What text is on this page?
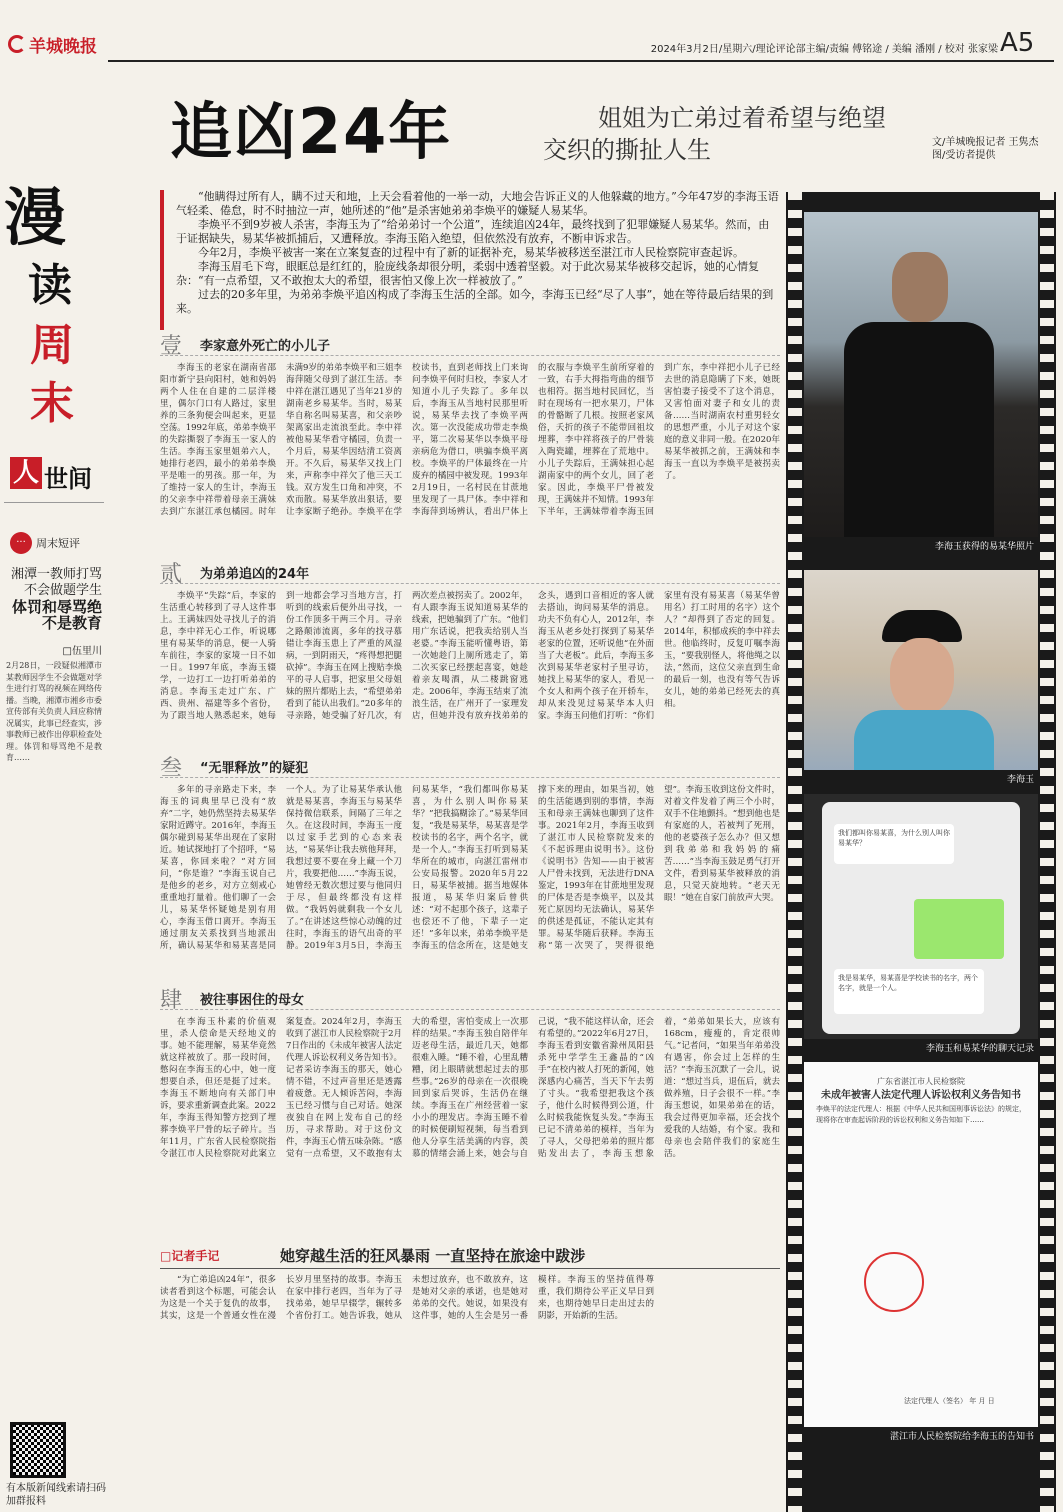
羊城晚报	2024年3月2日/星期六/理论评论部主编/责编 傅铭途 / 美编 潘刚 / 校对 张家梁 A5
漫
读
周
末
人 世间
··· 周末短评
湘潭一教师打骂不会做题学生
体罚和辱骂绝不是教育
□伍里川
2月28日，一段疑似湘潭市某教师因学生不会做题对学生进行打骂的视频在网络传播。当晚，湘潭市湘乡市委宣传部有关负责人回应称情况属实，此事已经查实，涉事教师已被作出停职检查处理。体罚和辱骂绝不是教育……
有本版新闻线索请扫码加群报料
追凶24年	姐姐为亡弟过着希望与绝望
交织的撕扯人生	文/羊城晚报记者 王隽杰
图/受访者提供

“他瞒得过所有人，瞒不过天和地，上天会看着他的一举一动，大地会告诉正义的人他躲藏的地方。”今年47岁的李海玉语气轻柔、倦怠，时不时抽泣一声，她所述的“他”是杀害她弟弟李焕平的嫌疑人易某华。

李焕平不到9岁被人杀害，李海玉为了“给弟弟讨一个公道”，连续追凶24年，最终找到了犯罪嫌疑人易某华。然而，由于证据缺失，易某华被抓捕后，又遭释放。李海玉陷入绝望，但依然没有放弃，不断申诉求告。

今年2月，李焕平被害一案在立案复查的过程中有了新的证据补充，易某华被移送至湛江市人民检察院审查起诉。

李海玉眉毛下弯，眼眶总是红红的，脸庞线条却很分明，柔弱中透着坚毅。对于此次易某华被移交起诉，她的心情复杂：“有一点希望，又不敢抱太大的希望，很害怕又像上次一样被放了。”

过去的20多年里，为弟弟李焕平追凶构成了李海玉生活的全部。如今，李海玉已经“尽了人事”，她在等待最后结果的到来。

壹	李家意外死亡的小儿子

李海玉的老家在湖南省邵阳市新宁县向阳村，她和妈妈两个人住在自建的二层洋楼里，偶尔门口有人路过，家里养的三条狗便会叫起来，更显空荡。1992年底，弟弟李焕平的失踪撕裂了李海玉一家人的生活。李海玉家里姐弟六人，她排行老四，最小的弟弟李焕平是唯一的男孩。那一年，为了维持一家人的生计，李海玉的父亲李中祥带着母亲王满妹去到广东湛江承包橘园。时年未满9岁的弟弟李焕平和三姐李海萍随父母到了湛江生活。李中祥在湛江遇见了当年21岁的湖南老乡易某华。当时，易某华自称名叫易某喜，和父亲吵架离家出走流浪至此。李中祥被他易某华看守橘园，负责一个月后，易某华因结清工资离开。不久后，易某华又找上门来，声称李中祥欠了他三天工钱。双方发生口角和冲突，不欢而散。易某华放出狠话，要让李家断子绝孙。李焕平在学校读书，直到老师找上门来询问李焕平何时归校，李家人才知道小儿子失踪了。多年以后，李海玉从当地村民那里听说，易某华去找了李焕平两次。第一次没能成功带走李焕平，第二次易某华以李焕平母亲病危为借口，哄骗李焕平离校。李焕平的尸体最终在一片废弃的橘园中被发现。1993年2月19日，一名村民在甘蔗地里发现了一具尸体。李中祥和李海萍到场辨认，看出尸体上的衣服与李焕平生前所穿着的一致，右手大拇指弯曲的细节也相符。据当地村民回忆，当时在现场有一把水果刀，尸体的骨骼断了几根。按照老家风俗，夭折的孩子不能带回祖坟埋葬，李中祥将孩子的尸骨装入陶瓷罐，埋葬在了荒地中。小儿子失踪后，王满妹担心起湖南家中的两个女儿，回了老家。因此，李焕平尸骨被发现，王满妹并不知情。1993年下半年，王满妹带着李海玉回到广东，李中祥把小儿子已经去世的消息隐瞒了下来，她既害怕妻子接受不了这个消息，又害怕面对妻子和女儿的责备……当时湖南农村重男轻女的思想严重，小儿子对这个家庭的意义非同一般。在2020年易某华被抓之前，王满妹和李海玉一直以为李焕平是被拐卖了。

贰	为弟弟追凶的24年

李焕平“失踪”后，李家的生活重心转移到了寻人这件事上。王满妹四处寻找儿子的消息，李中祥无心工作，听说哪里有易某华的消息，便一人骑车前往，李家的家境一日不如一日。1997年底，李海玉辍学，一边打工一边打听弟弟的消息。李海玉走过广东、广西、贵州、福建等多个省份，为了跟当地人熟悉起来，她每到一地都会学习当地方言，打听到的线索后便外出寻找，一份工作顶多干两三个月。寻亲之路颠沛流离，多年的找寻慕错让李海玉患上了严重的风湿病，一到阴雨天，“疼得想把腿砍掉”。李海玉在网上搜贴李焕平的寻人启事，把家里父母姐妹的照片都贴上去，“希望弟弟看到了能认出我们。”20多年的寻亲路，她受骗了好几次，有两次差点被拐卖了。2002年，有人跟李海玉说知道易某华的线索，把她骗到了广东。“他们用广东话说，把我卖给别人当老婆。”李海玉能听懂粤语，第一次她趁门上厕所逃走了，第二次买家已经摆起喜宴，她趁着亲友喝酒，从二楼跳窗逃走。2006年，李海玉结束了流浪生活，在广州开了一家理发店，但她并没有放弃找弟弟的念头，遇到口音相近的客人就去搭讪，询问易某华的消息。功夫不负有心人，2012年，李海玉从老乡处打探到了易某华老家的位置，还听说他“在外面当了大老板”。此后，李海玉多次到易某华老家村子里寻访，她找上易某华的家人，看见一个女人和两个孩子在开轿车，却从来没见过易某华本人归家。李海玉问他们打听：“你们家里有没有易某喜（易某华曾用名）打工时用的名字）这个人？”却得到了否定的回复。2014年，积郁成疾的李中祥去世。他临终时，反复叮嘱李海玉，“要我别怪人，将他绳之以法，”然而，这位父亲直到生命的最后一刻，也没有等气告诉女儿，她的弟弟已经死去的真相。

叁	“无罪释放”的疑犯

多年的寻亲路走下来，李海玉的词典里早已没有“放弃”二字，她仍然坚持去易某华家附近蹲守。2016年，李海玉偶尔碰到易某华出现在了家附近。她试探地打了个招呼，“易某喜，你回来啦？”对方回问，“你是谁？”李海玉说自己是他乡的老乡，对方立刻戒心重重地打量着。他们聊了一会儿，易某华怀疑她是别有用心，李海玉借口离开。李海玉通过朋友关系找到当地派出所，确认易某华和易某喜是同一个人。为了让易某华承认他就是易某喜，李海玉与易某华保持微信联系，间隔了三年之久。在这段时间，李海玉一度以过家手艺到的心态来表达，“易某华让我去殡他拜拜，我想过要不要在身上藏一个刀片，我要把他……”李海玉说，她曾经无数次想过要与他同归于尽，但最终都没有这样做。“我妈妈就剩我一个女儿了。”在讲述这些惊心动魄的过往时，李海玉的语气出奇的平静。2019年3月5日，李海玉问易某华，“我们都叫你易某喜，为什么别人叫你易某华？”把我搞糊涂了。”易某华回复，“我是易某华，易某喜是学校读书的名字，两个名字，就是一个人。”李海玉打听到易某华所在的城市，向湛江雷州市公安局报警。2020年5月22日，易某华被捕。据当地媒体报道，易某华归案后曾供述：“对不起那个孩子，这辈子也偿还不了他，下辈子一定还！”多年以来，弟弟李焕平是李海玉的信念所在，这是她支撑下来的理由，如果当初，她的生活能遇到别的事情，李海玉和母亲王满妹也聊到了这件事。2021年2月，李海玉收到了湛江市人民检察院发来的《不起诉理由说明书》。这份《说明书》告知——由于被害人尸骨未找到，无法进行DNA鉴定，1993年在甘蔗地里发现的尸体是否是李焕平，以及其死亡原因均无法确认，易某华的供述是孤证，不能认定其有罪。易某华随后获释。李海玉称“第一次哭了，哭得很绝望”。李海玉收到这份文件时，对着文件发着了两三个小时，双手不住地颤抖。“想到他也是有家庭的人，若被判了死刑，他的老婆孩子怎么办？但又想到我弟弟和我妈妈的痛苦……”当李海玉鼓足勇气打开文件，看到易某华被释放的消息，只觉天旋地转。“老天无眼！”她在自家门前放声大哭。

肆	被往事困住的母女

在李海玉朴素的价值观里，杀人偿命是天经地义的事。她不能理解，易某华竟然就这样被放了。那一段时间，憋闷在李海玉的心中，她一度想要自杀，但还是挺了过来。李海玉不断地向有关部门申诉，要求重新调查此案。2022年，李海玉得知警方挖到了埋葬李焕平尸骨的坛子碎片。当年11月，广东省人民检察院指令湛江市人民检察院对此案立案复查。2024年2月，李海玉收到了湛江市人民检察院于2月7日作出的《未成年被害人法定代理人诉讼权利义务告知书》。记者采访李海玉的那天，她心情不错，不过声音里还是透露着疲惫。无人倾诉苦闷，李海玉已经习惯与自己对话。她深夜独自在网上发布自己的经历，寻求帮助。对于这份文件，李海玉心情五味杂陈。“感觉有一点希望，又不敢抱有太大的希望，害怕变成上一次那样的结果。”李海玉独自陪伴年迈老母生活，最近几天，她都很难入睡。“睡不着，心里乱糟糟，闭上眼睛就想起过去的那些事。”26岁的母亲在一次很晚回到家后哭诉，生活仍在继续。李海玉在广州经营着一家小小的理发店。李海玉睡不着的时候便刷短视频，每当看到他人分享生活美满的内容，羡慕的情绪会涌上来，她会与自己说，“我不能这样认命，还会有希望的。”2022年6月27日，李海玉看到安徽省滁州凤阳县杀死中学学生王鑫晶的“凶手”在校内被人打死的新闻，她深感内心痛苦，当天下午去剪了寸头。“我希望把我这个孩子，他什么时候得到公道，什么时候我能恢复头发。”李海玉已记不清弟弟的模样，当年为了寻人，父母把弟弟的照片都贴发出去了，李海玉想象着，“弟弟如果长大，应该有168cm，瘦瘦的，肯定很帅气。”记者问，“如果当年弟弟没有遇害，你会过上怎样的生活？”李海玉沉默了一会儿，说道：“想过当兵，退伍后，就去做养殖，日子会很不一样。”李海玉想说，如果弟弟在的话，我会过得更加幸福，还会找个爱我的人结婚，有个家。我和母亲也会陪伴我们的家庭生活。

□记者手记	她穿越生活的狂风暴雨 一直坚持在旅途中跋涉

“为亡弟追凶24年”，很多读者看到这个标题，可能会认为这是一个关于复仇的故事，其实，这是一个普通女性在漫长岁月里坚持的故事。李海玉在家中排行老四，当年为了寻找弟弟，她早早辍学，辗转多个省份打工。她告诉我，她从未想过放弃，也不敢放弃，这是她对父亲的承诺，也是她对弟弟的交代。她说，如果没有这件事，她的人生会是另一番模样。李海玉的坚持值得尊重，我们期待公平正义早日到来，也期待她早日走出过去的阴影，开始新的生活。

李海玉获得的易某华照片
李海玉
我们都叫你易某喜，为什么别人叫你易某华？
我是易某华，易某喜是学校读书的名字，两个名字，就是一个人。
李海玉和易某华的聊天记录
广东省湛江市人民检察院
未成年被害人法定代理人诉讼权利义务告知书
李焕平的法定代理人：根据《中华人民共和国刑事诉讼法》的规定，现将你在审查起诉阶段的诉讼权利和义务告知如下……
法定代理人（签名） 年 月 日
湛江市人民检察院给李海玉的告知书
